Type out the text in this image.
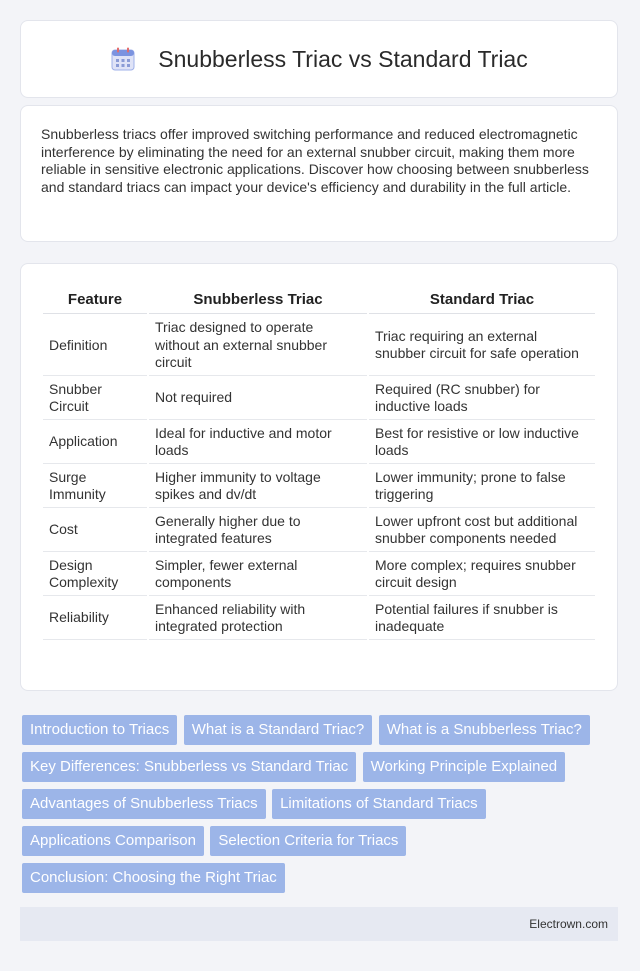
Snubberless Triac vs Standard Triac

Snubberless triacs offer improved switching performance and reduced electromagnetic interference by eliminating the need for an external snubber circuit, making them more reliable in sensitive electronic applications. Discover how choosing between snubberless and standard triacs can impact your device's efficiency and durability in the full article.

Feature	Snubberless Triac	Standard Triac
Definition	Triac designed to operate without an external snubber circuit	Triac requiring an external snubber circuit for safe operation
Snubber Circuit	Not required	Required (RC snubber) for inductive loads
Application	Ideal for inductive and motor loads	Best for resistive or low inductive loads
Surge Immunity	Higher immunity to voltage spikes and dv/dt	Lower immunity; prone to false triggering
Cost	Generally higher due to integrated features	Lower upfront cost but additional snubber components needed
Design Complexity	Simpler, fewer external components	More complex; requires snubber circuit design
Reliability	Enhanced reliability with integrated protection	Potential failures if snubber is inadequate
Introduction to Triacs What is a Standard Triac? What is a Snubberless Triac? Key Differences: Snubberless vs Standard Triac Working Principle Explained Advantages of Snubberless Triacs Limitations of Standard Triacs Applications Comparison Selection Criteria for Triacs Conclusion: Choosing the Right Triac
Electrown.com
